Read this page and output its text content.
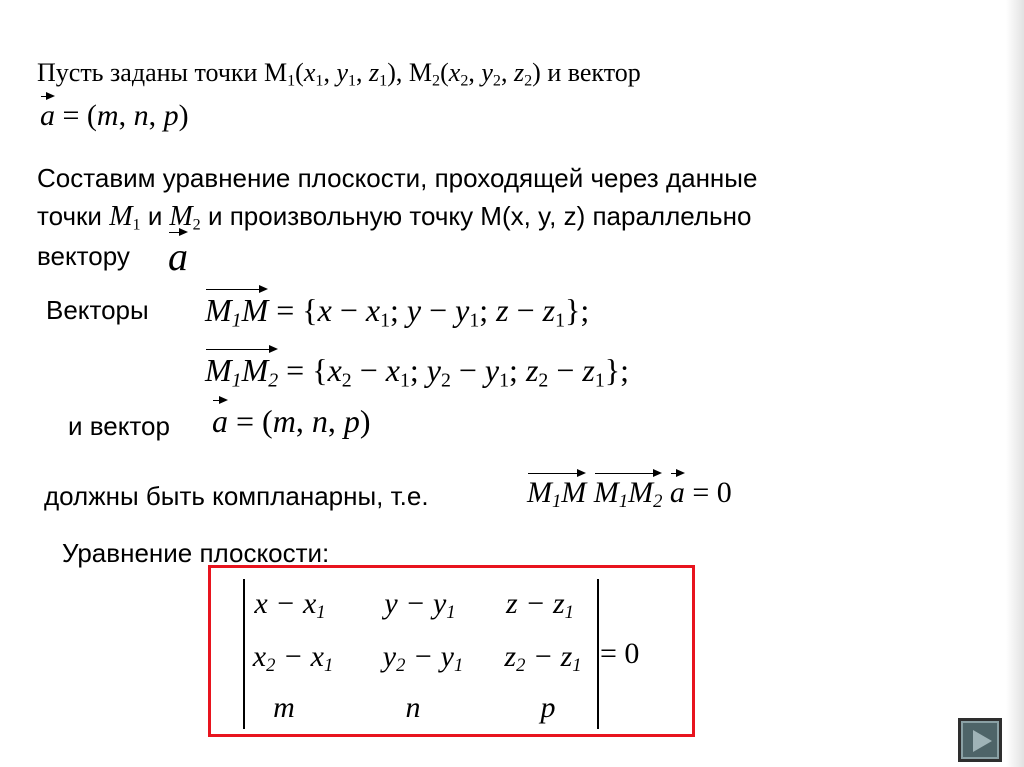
Пусть заданы точки $M_1(x_1$, $y_1$, $z_1$), $M_2(x_2$, $y_2$, $z_2$) и вектор
a = (m, n, p)
Составим уравнение плоскости, проходящей через данные
точки $M_1$ и $M_2$ и произвольную точку М(x, y, z) параллельно
вектору a
Векторы $M_1M = \{x - x_1$; $y - y_1$; $z - z_1$};
$M_1M_2 = \{x_2 - x_1$; $y_2 - y_1$; $z_2 - z_1$};
и вектор a = (m, n, p)
должны быть компланарны, т.е.	$M_1M$ $M_1M_2$ a = 0
Уравнение плоскости:
$x - x_1$	$y - y_1$	$z - z_1$
$x_2 - x_1$	$y_2 - y_1$	$z_2 - z_1$
m	n	p
= 0
